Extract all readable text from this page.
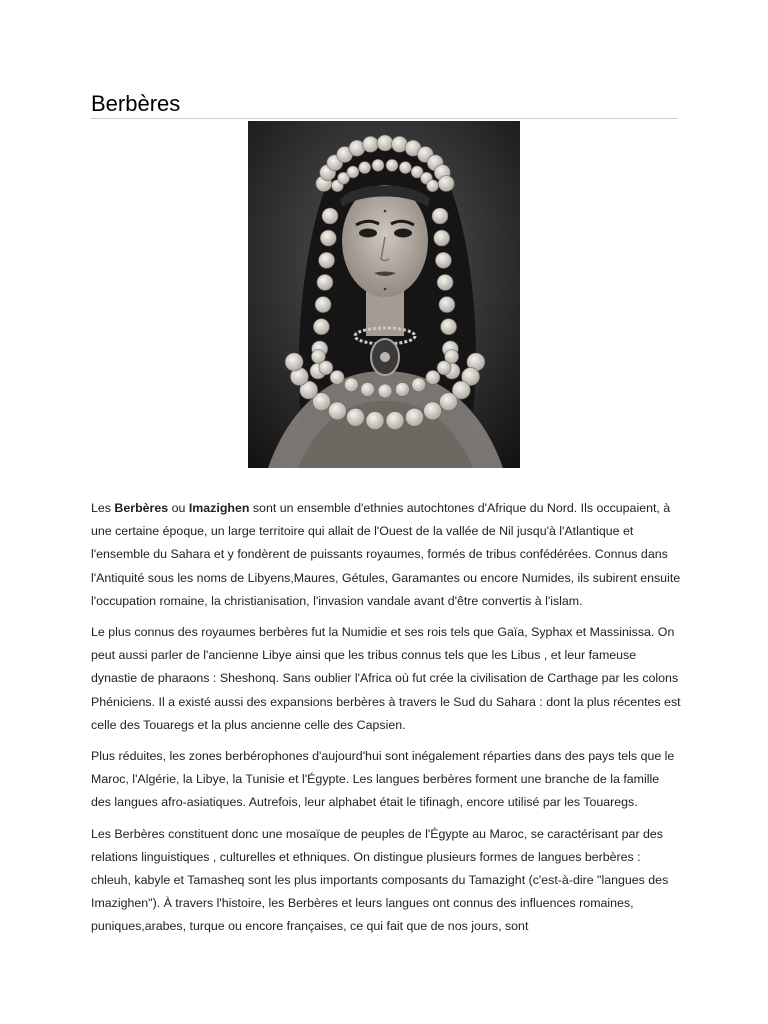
Berbères

Les Berbères ou Imazighen sont un ensemble d'ethnies autochtones d'Afrique du Nord. Ils occupaient, à une certaine époque, un large territoire qui allait de l'Ouest de la vallée de Nil jusqu'à l'Atlantique et l'ensemble du Sahara et y fondèrent de puissants royaumes, formés de tribus confédérées. Connus dans l'Antiquité sous les noms de Libyens,Maures, Gétules, Garamantes ou encore Numides, ils subirent ensuite l'occupation romaine, la christianisation, l'invasion vandale avant d'être convertis à l'islam.

Le plus connus des royaumes berbères fut la Numidie et ses rois tels que Gaïa, Syphax et Massinissa. On peut aussi parler de l'ancienne Libye ainsi que les tribus connus tels que les Libus , et leur fameuse dynastie de pharaons : Sheshonq. Sans oublier l'Africa où fut crée la civilisation de Carthage par les colons Phéniciens. Il a existé aussi des expansions berbères à travers le Sud du Sahara : dont la plus récentes est celle des Touaregs et la plus ancienne celle des Capsien.

Plus réduites, les zones berbérophones d'aujourd'hui sont inégalement réparties dans des pays tels que le Maroc, l'Algérie, la Libye, la Tunisie et l'Égypte. Les langues berbères forment une branche de la famille des langues afro-asiatiques. Autrefois, leur alphabet était le tifinagh, encore utilisé par les Touaregs.

Les Berbères constituent donc une mosaïque de peuples de l'Égypte au Maroc, se caractérisant par des relations linguistiques , culturelles et ethniques. On distingue plusieurs formes de langues berbères : chleuh, kabyle et Tamasheq sont les plus importants composants du Tamazight (c'est-à-dire "langues des Imazighen"). À travers l'histoire, les Berbères et leurs langues ont connus des influences romaines, puniques,arabes, turque ou encore françaises, ce qui fait que de nos jours, sont
